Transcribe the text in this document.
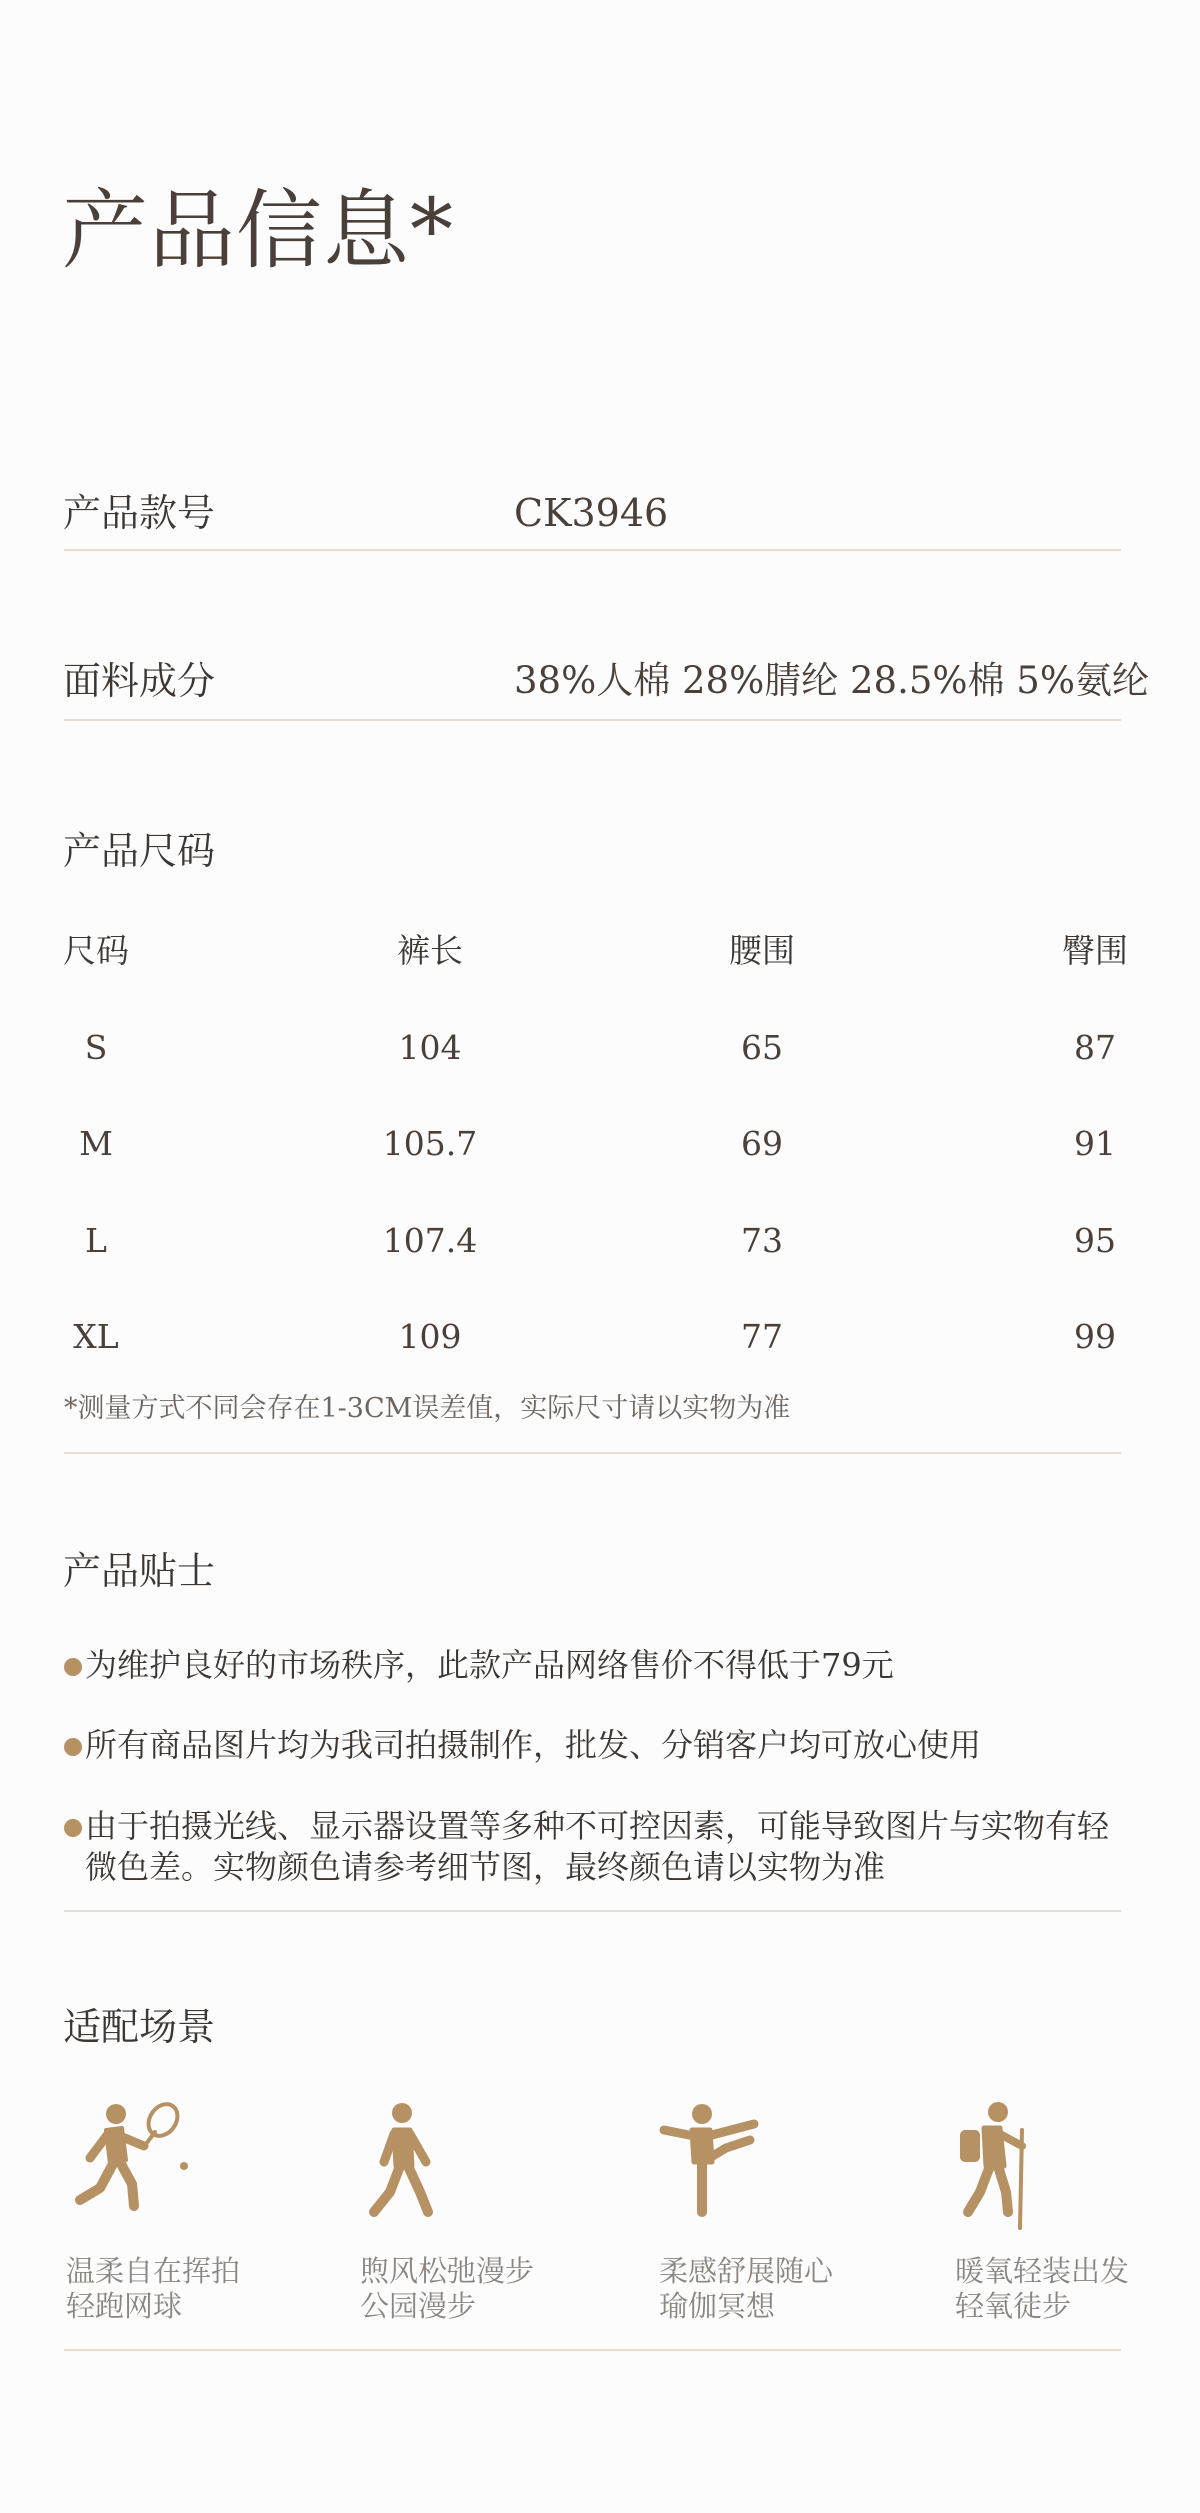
产品信息*
产品款号	CK3946
面料成分	38%人棉 28%腈纶 28.5%棉 5%氨纶
产品尺码
尺码	裤长	腰围	臀围
S	104	65	87
M	105.7	69	91
L	107.4	73	95
XL	109	77	99
*测量方式不同会存在1-3CM误差值，实际尺寸请以实物为准
产品贴士
为维护良好的市场秩序，此款产品网络售价不得低于79元
所有商品图片均为我司拍摄制作，批发、分销客户均可放心使用
由于拍摄光线、显示器设置等多种不可控因素，可能导致图片与实物有轻微色差。实物颜色请参考细节图，最终颜色请以实物为准
适配场景
温柔自在挥拍
轻跑网球
煦风松弛漫步
公园漫步
柔感舒展随心
瑜伽冥想
暖氧轻装出发
轻氧徒步
